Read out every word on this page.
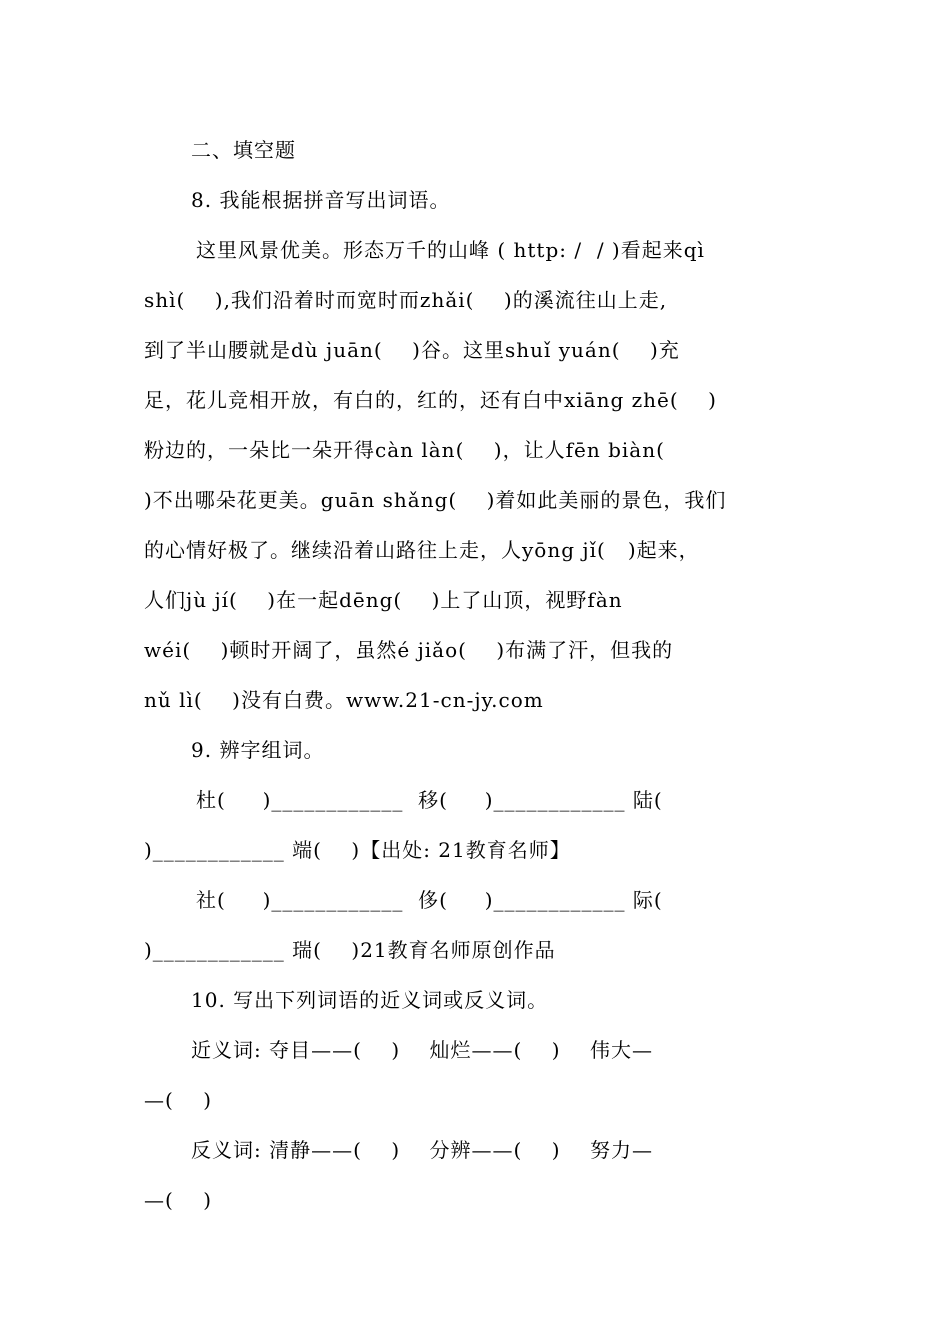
二、填空题
8. 我能根据拼音写出词语。
这里风景优美。形态万千的山峰 ( http: /  / )看起来qì
shì(    ),我们沿着时而宽时而zhǎi(    )的溪流往山上走,
到了半山腰就是dù juān(    )谷。这里shuǐ yuán(    )充
足，花儿竞相开放，有白的，红的，还有白中xiāng zhē(    )
粉边的，一朵比一朵开得càn làn(    )，让人fēn biàn(
)不出哪朵花更美。guān shǎng(    )着如此美丽的景色，我们
的心情好极了。继续沿着山路往上走，人yōng jǐ(   )起来，
人们jù jí(    )在一起dēng(    )上了山顶，视野fàn
wéi(    )顿时开阔了，虽然é jiǎo(    )布满了汗，但我的
nǔ lì(    )没有白费。www.21-cn-jy.com
9. 辨字组词。
杜(     )____________  移(     )____________ 陆(
)____________ 端(    )【出处: 21教育名师】
社(     )____________  侈(     )____________ 际(
)____________ 瑞(    )21教育名师原创作品
10. 写出下列词语的近义词或反义词。
近义词: 夺目——(    )    灿烂——(    )    伟大—
—(    )
反义词: 清静——(    )    分辨——(    )    努力—
—(    )
